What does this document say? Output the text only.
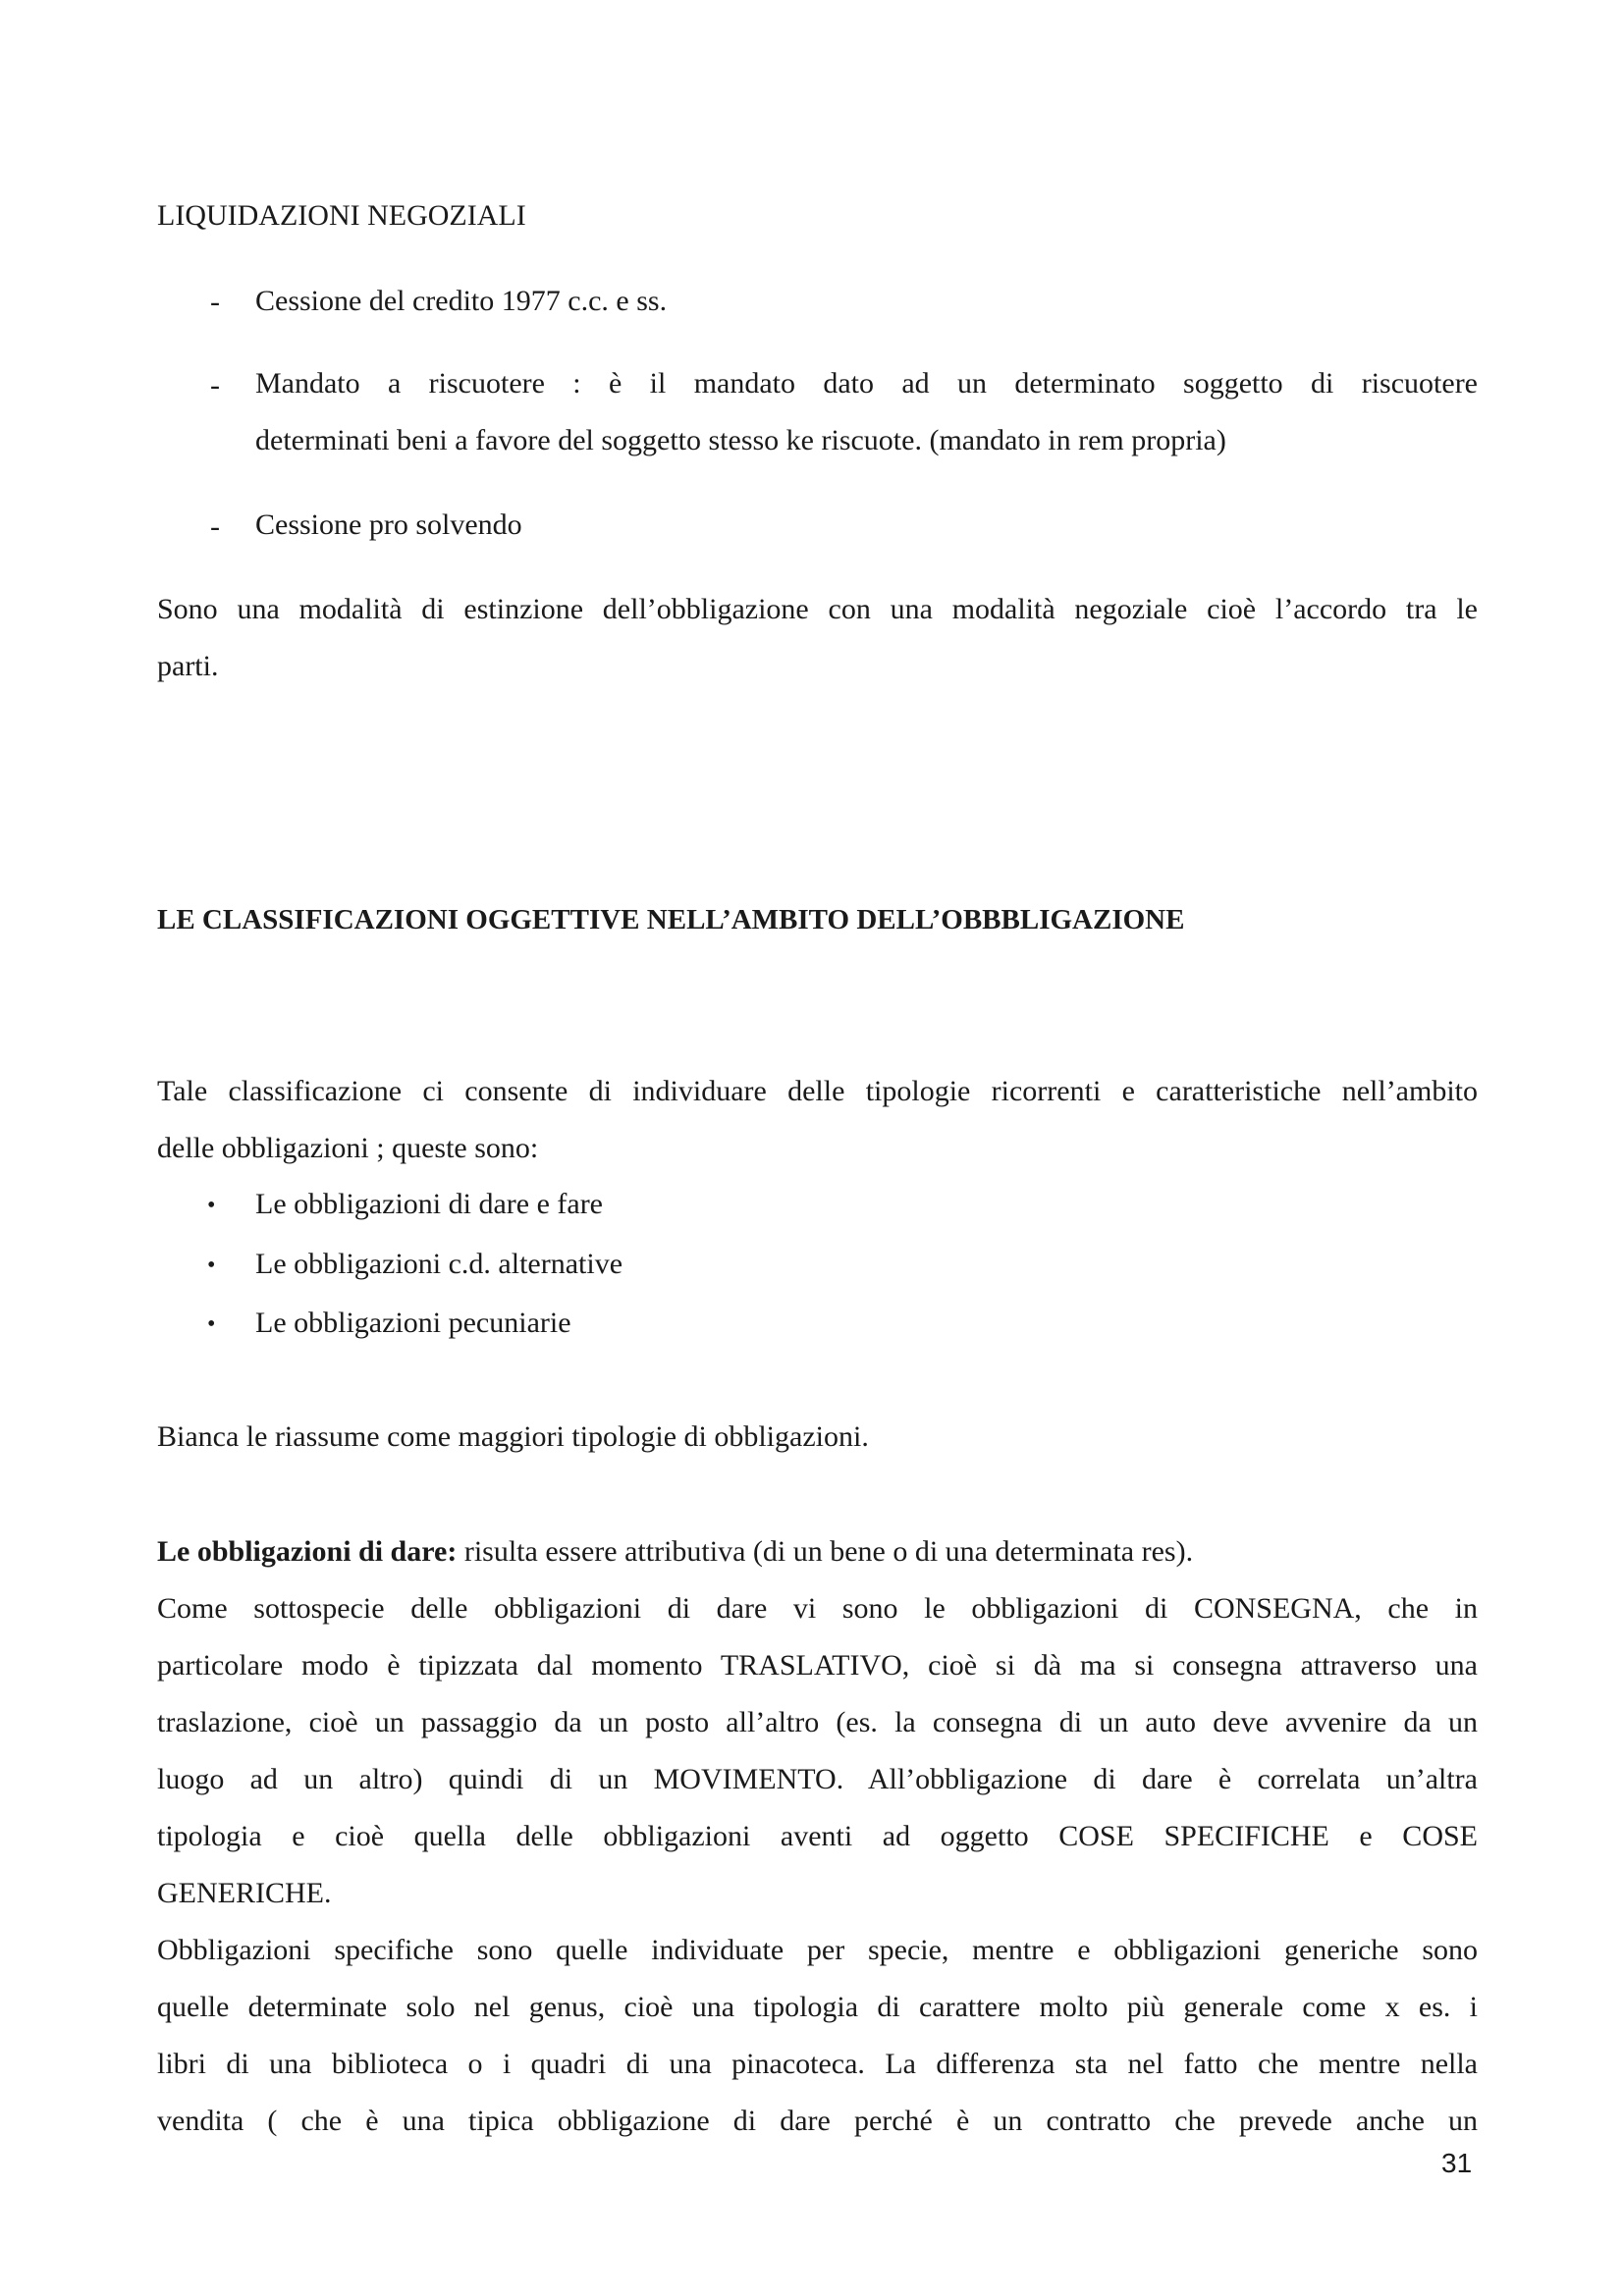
LIQUIDAZIONI NEGOZIALI
- Cessione del credito 1977 c.c. e ss.
- Mandato a riscuotere : è il mandato dato ad un determinato soggetto di riscuotere
determinati beni a favore del soggetto stesso ke riscuote. (mandato in rem propria)
- Cessione pro solvendo
Sono una modalità di estinzione dell’obbligazione con una modalità negoziale cioè l’accordo tra le
parti.
LE CLASSIFICAZIONI OGGETTIVE NELL’AMBITO DELL’OBBBLIGAZIONE
Tale classificazione ci consente di individuare delle tipologie ricorrenti e caratteristiche nell’ambito
delle obbligazioni ; queste sono:
• Le obbligazioni di dare e fare
• Le obbligazioni c.d. alternative
• Le obbligazioni pecuniarie
Bianca le riassume come maggiori tipologie di obbligazioni.
Le obbligazioni di dare: risulta essere attributiva (di un bene o di una determinata res).
Come sottospecie delle obbligazioni di dare vi sono le obbligazioni di CONSEGNA, che in
particolare modo è tipizzata dal momento TRASLATIVO, cioè si dà ma si consegna attraverso una
traslazione, cioè un passaggio da un posto all’altro (es. la consegna di un auto deve avvenire da un
luogo ad un altro) quindi di un MOVIMENTO. All’obbligazione di dare è correlata un’altra
tipologia e cioè quella delle obbligazioni aventi ad oggetto COSE SPECIFICHE e COSE
GENERICHE.
Obbligazioni specifiche sono quelle individuate per specie, mentre e obbligazioni generiche sono
quelle determinate solo nel genus, cioè una tipologia di carattere molto più generale come x es. i
libri di una biblioteca o i quadri di una pinacoteca. La differenza sta nel fatto che mentre nella
vendita ( che è una tipica obbligazione di dare perché è un contratto che prevede anche un
31
